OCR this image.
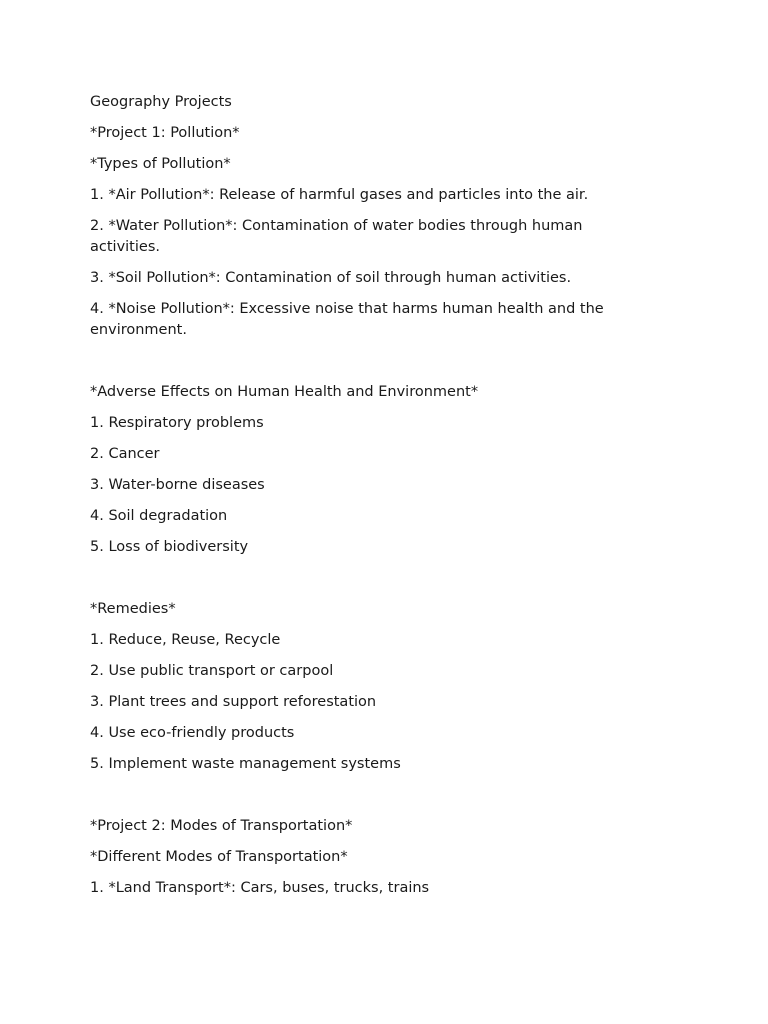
Geography Projects

*Project 1: Pollution*

*Types of Pollution*

1. *Air Pollution*: Release of harmful gases and particles into the air.

2. *Water Pollution*: Contamination of water bodies through human activities.

3. *Soil Pollution*: Contamination of soil through human activities.

4. *Noise Pollution*: Excessive noise that harms human health and the environment.

*Adverse Effects on Human Health and Environment*

1. Respiratory problems

2. Cancer

3. Water-borne diseases

4. Soil degradation

5. Loss of biodiversity

*Remedies*

1. Reduce, Reuse, Recycle

2. Use public transport or carpool

3. Plant trees and support reforestation

4. Use eco-friendly products

5. Implement waste management systems

*Project 2: Modes of Transportation*

*Different Modes of Transportation*

1. *Land Transport*: Cars, buses, trucks, trains
